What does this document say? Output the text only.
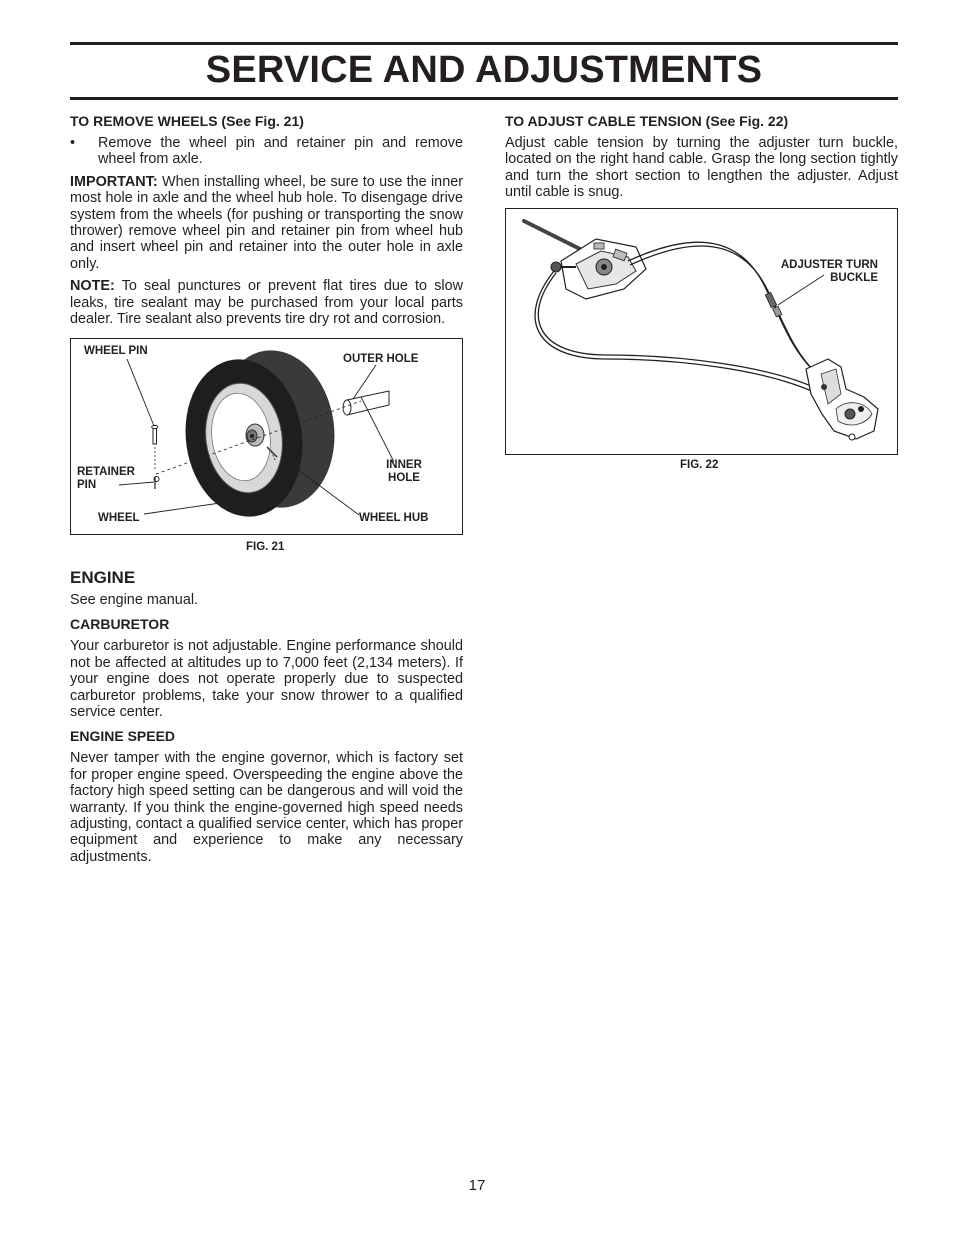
SERVICE AND ADJUSTMENTS
TO REMOVE WHEELS (See Fig. 21)
•	Remove the wheel pin and retainer pin and remove wheel from axle.

IMPORTANT: When installing wheel, be sure to use the inner most hole in axle and the wheel hub hole. To disengage drive system from the wheels (for pushing or transporting the snow thrower) remove wheel pin and retainer pin from wheel hub and insert wheel pin and retainer into the outer hole in axle only.

NOTE: To seal punctures or prevent flat tires due to slow leaks, tire sealant may be purchased from your local parts dealer. Tire sealant also prevents tire dry rot and corrosion.

WHEEL PIN
OUTER HOLE
RETAINER PIN
INNER HOLE
WHEEL	WHEEL HUB
FIG. 21
ENGINE

See engine manual.

CARBURETOR

Your carburetor is not adjustable. Engine performance should not be affected at altitudes up to 7,000 feet (2,134 meters). If your engine does not operate properly due to suspected carburetor problems, take your snow thrower to a qualified service center.

ENGINE SPEED

Never tamper with the engine governor, which is factory set for proper engine speed. Overspeeding the engine above the factory high speed setting can be dangerous and will void the warranty. If you think the engine-governed high speed needs adjusting, contact a qualified service center, which has proper equipment and experience to make any necessary adjustments.

TO ADJUST CABLE TENSION (See Fig. 22)

Adjust cable tension by turning the adjuster turn buckle, located on the right hand cable. Grasp the long section tightly and turn the short section to lengthen the adjuster. Adjust until cable is snug.

ADJUSTER TURN
BUCKLE
FIG. 22
17
